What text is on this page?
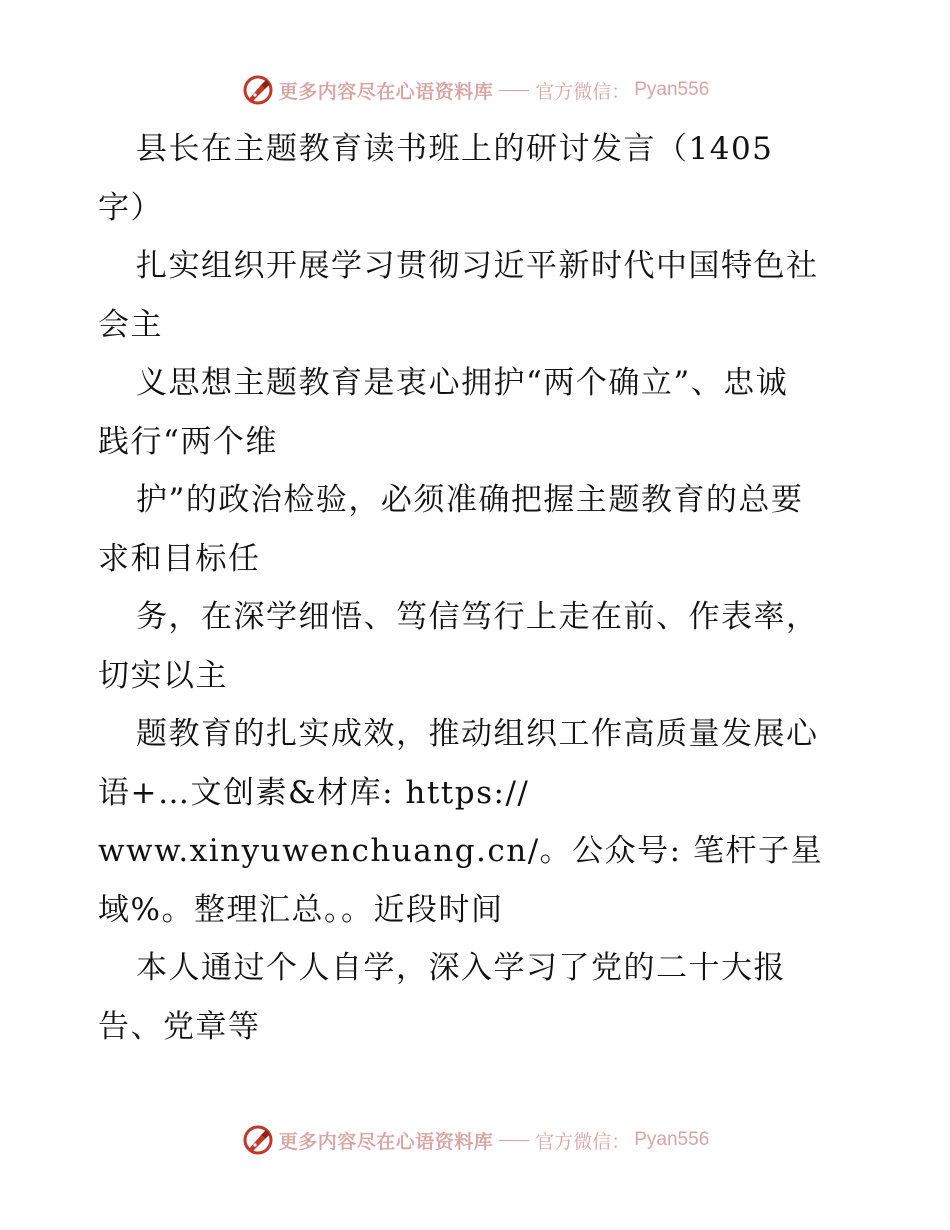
更多内容尽在心语资料库 官方微信： Pyan556
县长在主题教育读书班上的研讨发言（1405
字）
扎实组织开展学习贯彻习近平新时代中国特色社
会主
义思想主题教育是衷心拥护“两个确立”、忠诚
践行“两个维
护”的政治检验，必须准确把握主题教育的总要
求和目标任
务，在深学细悟、笃信笃行上走在前、作表率，
切实以主
题教育的扎实成效，推动组织工作高质量发展心
语+…文创素&材库: https://
www.xinyuwenchuang.cn/。公众号: 笔杆子星
域%。整理汇总。。近段时间
本人通过个人自学，深入学习了党的二十大报
告、党章等
更多内容尽在心语资料库 官方微信： Pyan556
